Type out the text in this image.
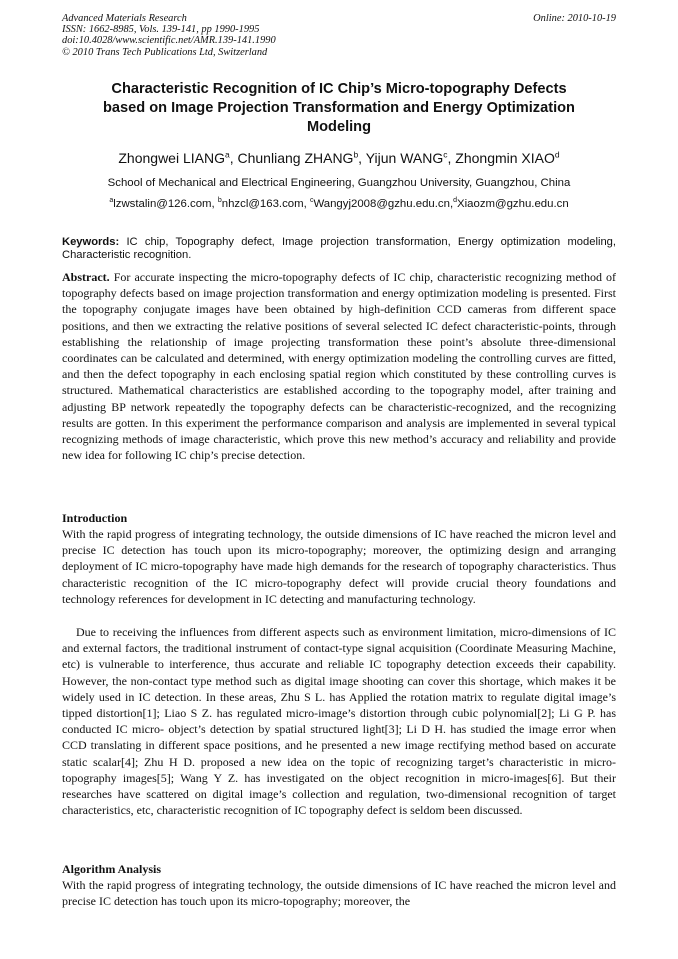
Advanced Materials Research
ISSN: 1662-8985, Vols. 139-141, pp 1990-1995
doi:10.4028/www.scientific.net/AMR.139-141.1990
© 2010 Trans Tech Publications Ltd, Switzerland
Online: 2010-10-19
Characteristic Recognition of IC Chip’s Micro-topography Defects
based on Image Projection Transformation and Energy Optimization
Modeling
Zhongwei LIANG$^a$, Chunliang ZHANG$^b$, Yijun WANG$^c$, Zhongmin XIAO$^d$
School of Mechanical and Electrical Engineering, Guangzhou University, Guangzhou, China
$^a$lzwstalin@126.com, $^b$nhzcl@163.com, $^c$Wangyj2008@gzhu.edu.cn,$^d$Xiaozm@gzhu.edu.cn
Keywords: IC chip, Topography defect, Image projection transformation, Energy optimization modeling, Characteristic recognition.
Abstract. For accurate inspecting the micro-topography defects of IC chip, characteristic recognizing method of topography defects based on image projection transformation and energy optimization modeling is presented. First the topography conjugate images have been obtained by high-definition CCD cameras from different space positions, and then we extracting the relative positions of several selected IC defect characteristic-points, through establishing the relationship of image projecting transformation these point’s absolute three-dimensional coordinates can be calculated and determined, with energy optimization modeling the controlling curves are fitted, and then the defect topography in each enclosing spatial region which constituted by these controlling curves is structured. Mathematical characteristics are established according to the topography model, after training and adjusting BP network repeatedly the topography defects can be characteristic-recognized, and the recognizing results are gotten. In this experiment the performance comparison and analysis are implemented in several typical recognizing methods of image characteristic, which prove this new method’s accuracy and reliability and provide new idea for following IC chip’s precise detection.
Introduction
With the rapid progress of integrating technology, the outside dimensions of IC have reached the micron level and precise IC detection has touch upon its micro-topography; moreover, the optimizing design and arranging deployment of IC micro-topography have made high demands for the research of topography characteristics. Thus characteristic recognition of the IC micro-topography defect will provide crucial theory foundations and technology references for development in IC detecting and manufacturing technology.
Due to receiving the influences from different aspects such as environment limitation, micro-dimensions of IC and external factors, the traditional instrument of contact-type signal acquisition (Coordinate Measuring Machine, etc) is vulnerable to interference, thus accurate and reliable IC topography detection exceeds their capability. However, the non-contact type method such as digital image shooting can cover this shortage, which makes it be widely used in IC detection. In these areas, Zhu S L. has Applied the rotation matrix to regulate digital image’s tipped distortion[1]; Liao S Z. has regulated micro-image’s distortion through cubic polynomial[2]; Li G P. has conducted IC micro- object’s detection by spatial structured light[3]; Li D H. has studied the image error when CCD translating in different space positions, and he presented a new image rectifying method based on accurate static scalar[4]; Zhu H D. proposed a new idea on the topic of recognizing target’s characteristic in micro-topography images[5]; Wang Y Z. has investigated on the object recognition in micro-images[6]. But their researches have scattered on digital image’s collection and regulation, two-dimensional recognition of target characteristics, etc, characteristic recognition of IC topography defect is seldom been discussed.
Algorithm Analysis
With the rapid progress of integrating technology, the outside dimensions of IC have reached the micron level and precise IC detection has touch upon its micro-topography; moreover, the
